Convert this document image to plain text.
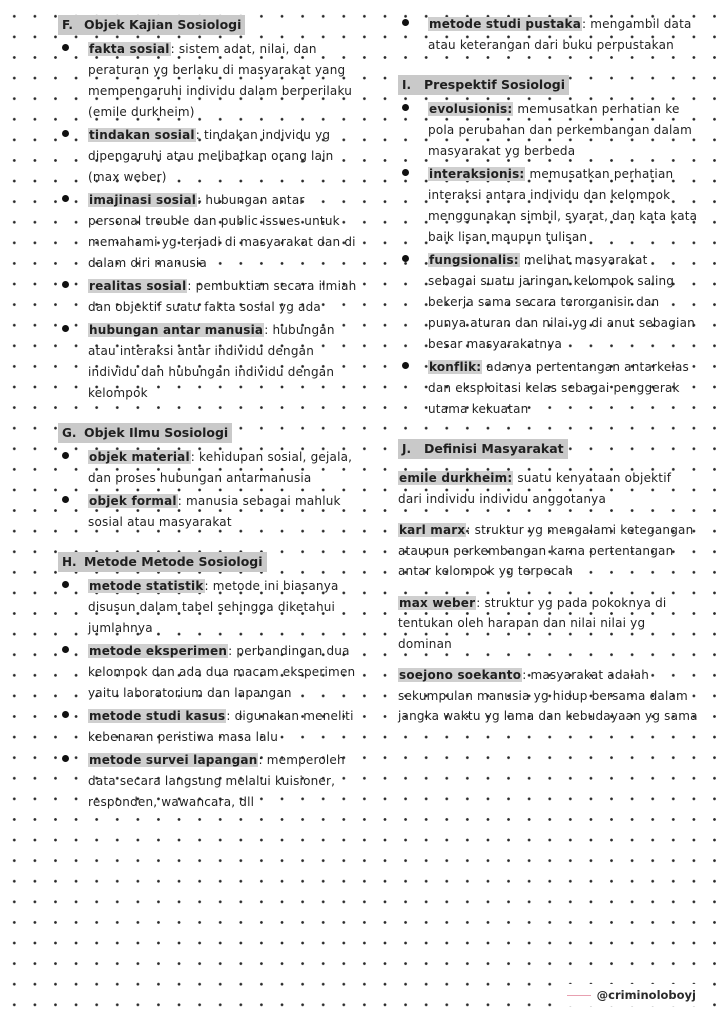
F. Objek Kajian Sosiologi
fakta sosial: sistem adat, nilai, dan peraturan yg berlaku di masyarakat yang mempengaruhi individu dalam berperilaku (emile durkheim)
tindakan sosial: tindakan individu yg dipengaruhi atau melibatkan orang lain (max weber)
imajinasi sosial: hubungan antar personal trouble dan public issues untuk memahami yg terjadi di masyarakat dan di dalam diri manusia
realitas sosial: pembuktian secara ilmiah dan objektif suatu fakta sosial yg ada
hubungan antar manusia: hubungan atau interaksi antar individu dengan individu dan hubungan individu dengan kelompok
G. Objek Ilmu Sosiologi
objek material: kehidupan sosial, gejala, dan proses hubungan antarmanusia
objek formal: manusia sebagai mahluk sosial atau masyarakat
H. Metode Metode Sosiologi
metode statistik: metode ini biasanya disusun dalam tabel sehingga diketahui jumlahnya
metode eksperimen: perbandingan dua kelompok dan ada dua macam eksperimen yaitu laboratorium dan lapangan
metode studi kasus: digunakan meneliti kebenaran peristiwa masa lalu
metode survei lapangan: memperoleh data secara langsung melalui kuisioner, responden, wawancara, dll
metode studi pustaka: mengambil data atau keterangan dari buku perpustakan
I.	Prespektif Sosiologi
evolusionis: memusatkan perhatian ke pola perubahan dan perkembangan dalam masyarakat yg berbeda
interaksionis: memusatkan perhatian interaksi antara individu dan kelompok menggunakan simbil, syarat, dan kata kata baik lisan maupun tulisan
fungsionalis: melihat masyarakat sebagai suatu jaringan kelompok saling bekerja sama secara terorganisir dan punya aturan dan nilai yg di anut sebagian besar masyarakatnya
konflik: adanya pertentangan antarkelas dan eksploitasi kelas sebagai penggerak utama kekuatan
J.	Definisi Masyarakat
emile durkheim: suatu kenyataan objektif dari individu individu anggotanya
karl marx: struktur yg mengalami ketegangan ataupun perkembangan karna pertentangan antar kelompok yg terpecah
max weber: struktur yg pada pokoknya di tentukan oleh harapan dan nilai nilai yg dominan
soejono soekanto: masyarakat adalah sekumpulan manusia yg hidup bersama dalam jangka waktu yg lama dan kebudayaan yg sama
@criminoloboyj
